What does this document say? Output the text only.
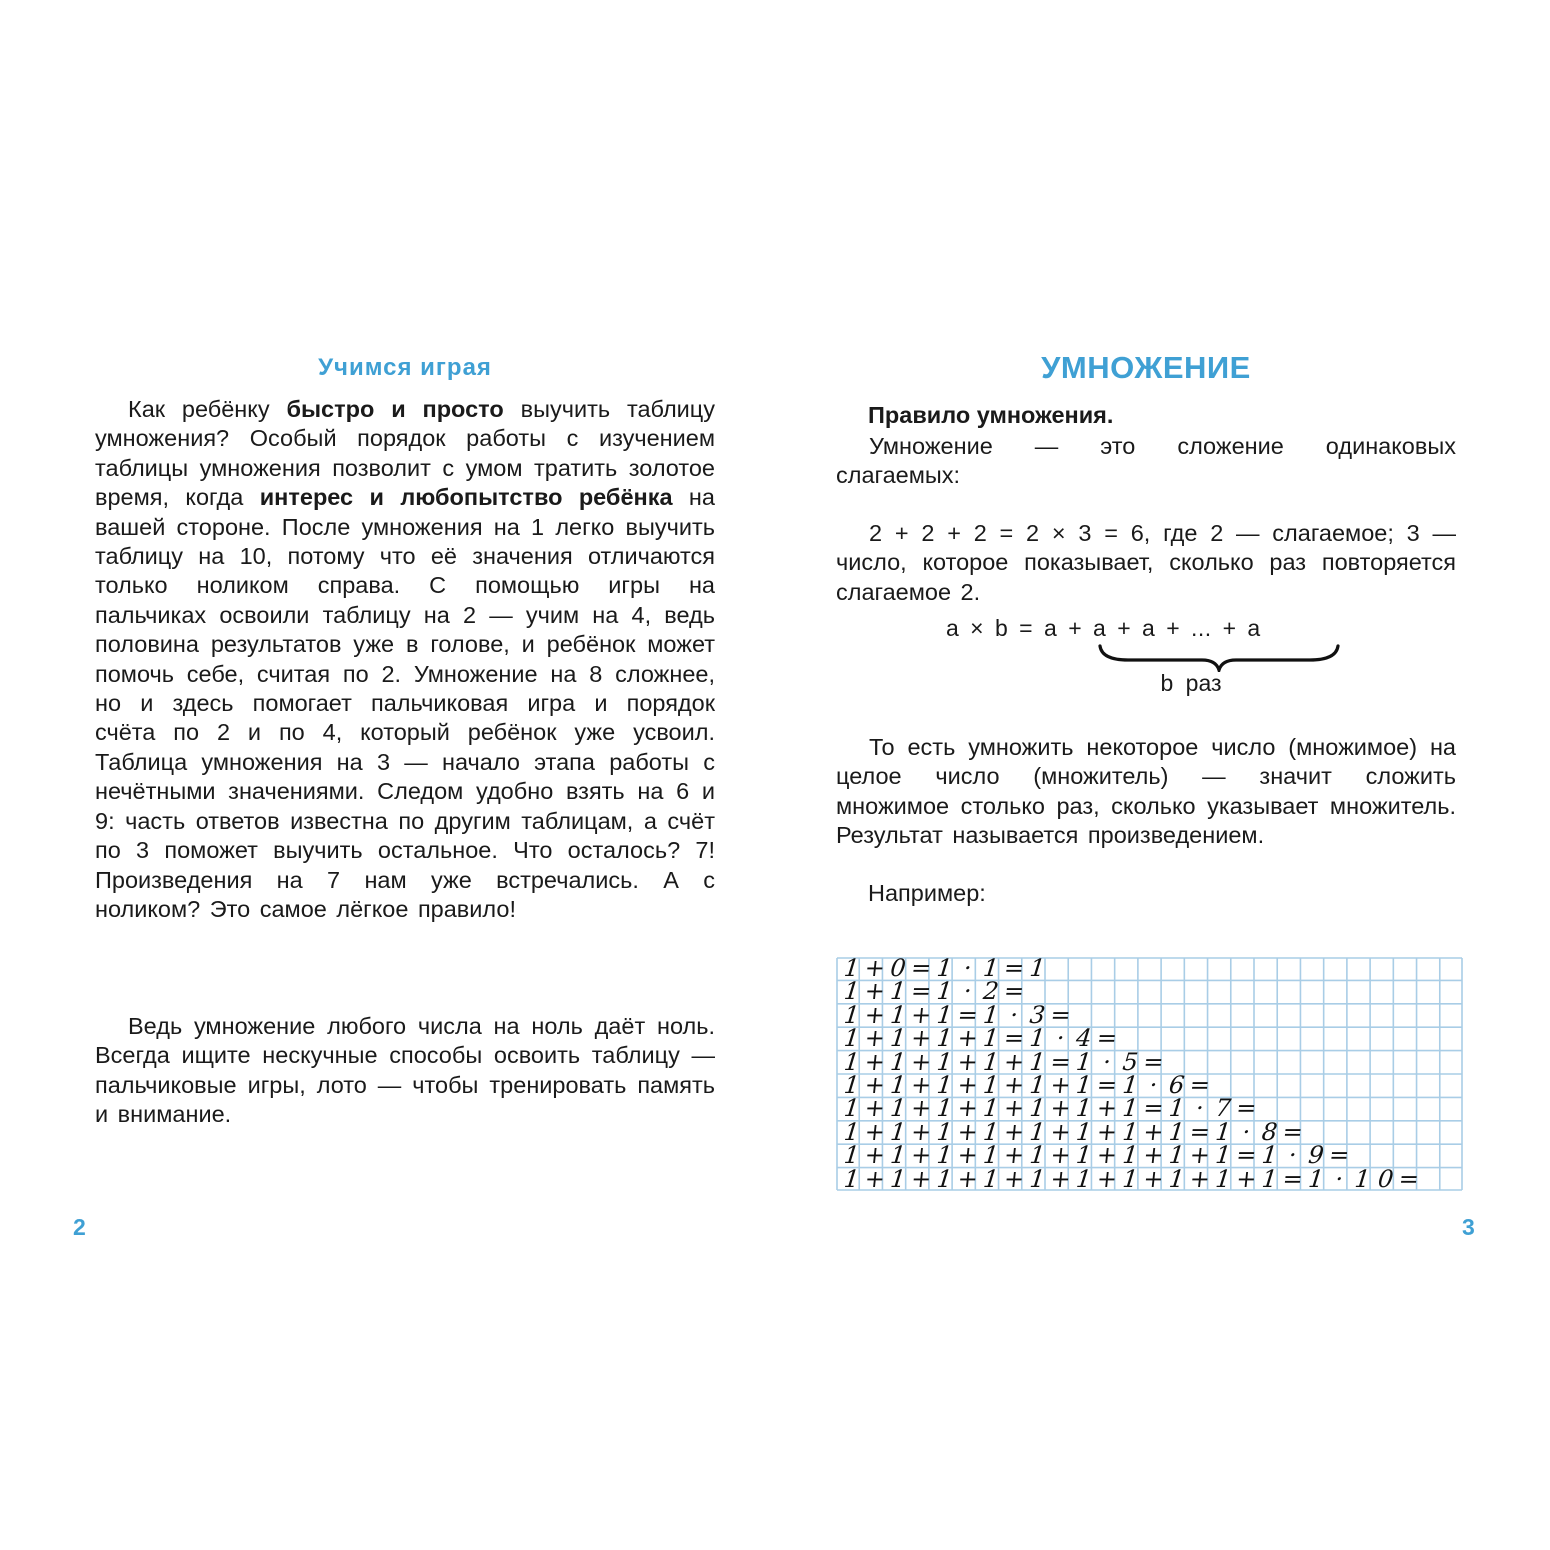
Учимся играя

Как ребёнку быстро и просто выучить таблицу умножения? Особый порядок работы с изучением таблицы умножения позволит с умом тратить золотое время, когда интерес и любопытство ребёнка на вашей стороне. После умножения на 1 легко выучить таблицу на 10, потому что её значения отличаются только ноликом справа. С помощью игры на пальчиках освоили таблицу на 2 — учим на 4, ведь половина результатов уже в голове, и ребёнок может помочь себе, считая по 2. Умножение на 8 сложнее, но и здесь помогает пальчиковая игра и порядок счёта по 2 и по 4, который ребёнок уже усвоил. Таблица умножения на 3 — начало этапа работы с нечётными значениями. Следом удобно взять на 6 и 9: часть ответов известна по другим таблицам, а счёт по 3 поможет выучить остальное. Что осталось? 7! Произведения на 7 нам уже встречались. А с ноликом? Это самое лёгкое правило!

Ведь умножение любого числа на ноль даёт ноль. Всегда ищите нескучные способы освоить таблицу — пальчиковые игры, лото — чтобы тренировать память и внимание.

УМНОЖЕНИЕ
Правило умножения.

Умножение — это сложение одинаковых слагаемых:

2 + 2 + 2 = 2 × 3 = 6, где 2 — слагаемое; 3 — число, которое показывает, сколько раз повторяется слагаемое 2.

a × b = a + a + a + ... + a
b раз

То есть умножить некоторое число (множимое) на целое число (множитель) — значит сложить множимое столько раз, сколько указывает множитель. Результат называется произведением.

Например:
1 + 0 = 1 · 1 = 1
1 + 1 = 1 · 2 =
1 + 1 + 1 = 1 · 3 =
1 + 1 + 1 + 1 = 1 · 4 =
1 + 1 + 1 + 1 + 1 = 1 · 5 =
1 + 1 + 1 + 1 + 1 + 1 = 1 · 6 =
1 + 1 + 1 + 1 + 1 + 1 + 1 = 1 · 7 =
1 + 1 + 1 + 1 + 1 + 1 + 1 + 1 = 1 · 8 =
1 + 1 + 1 + 1 + 1 + 1 + 1 + 1 + 1 = 1 · 9 =
1 + 1 + 1 + 1 + 1 + 1 + 1 + 1 + 1 + 1 = 1 · 1 0 =
2	3
